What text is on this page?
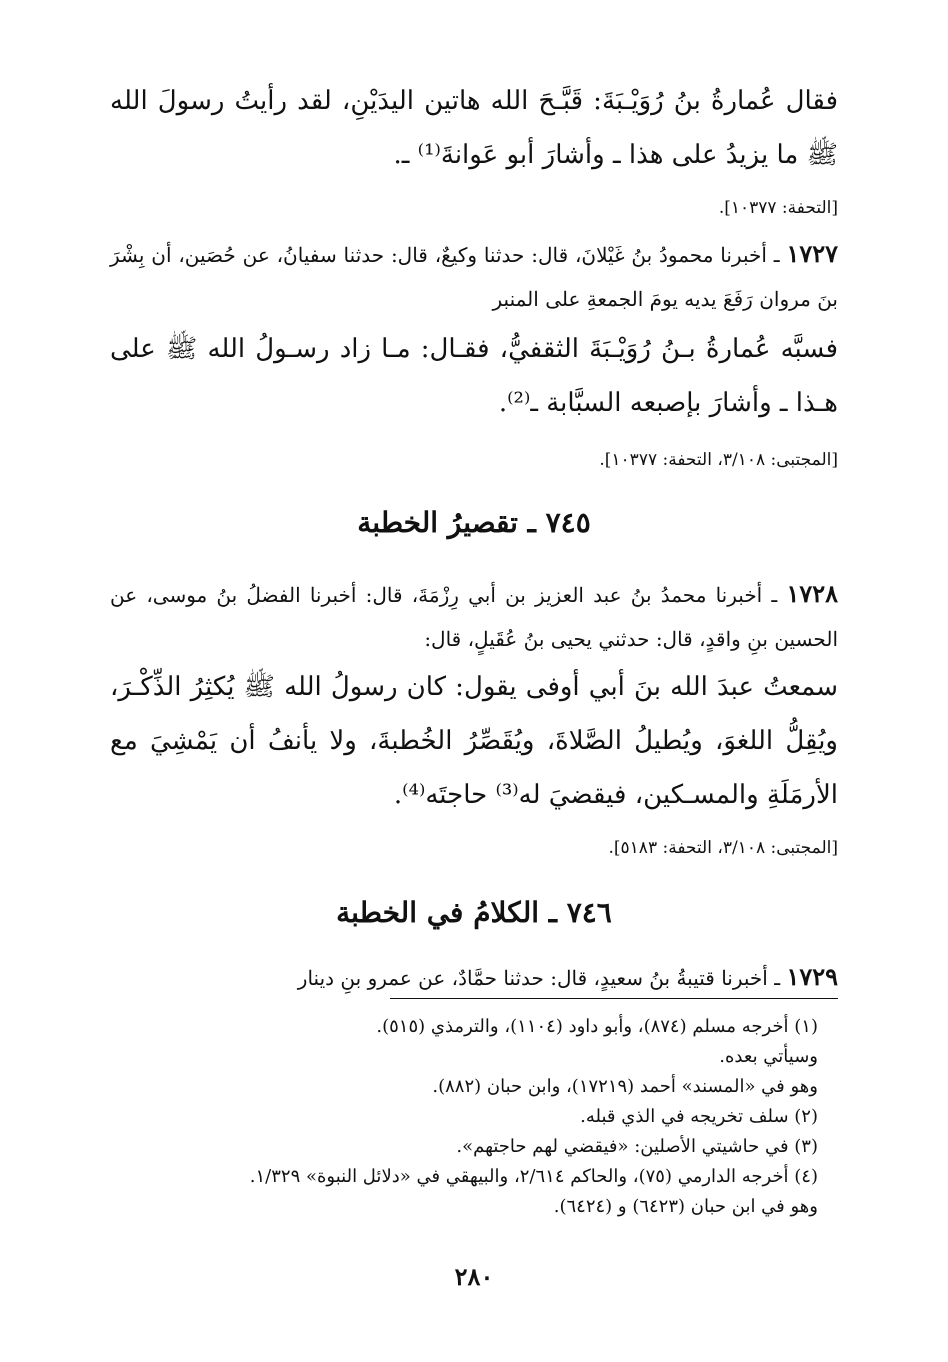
فقال عُمارةُ بنُ رُوَيْـبَةَ: قَبَّـحَ الله هاتين اليدَيْنِ، لقد رأيتُ رسولَ الله ﷺ ما يزيدُ على هذا ـ وأشارَ أبو عَوانةَ⁽¹⁾ ـ.
[التحفة: ١٠٣٧٧].
١٧٢٧ ـ أخبرنا محمودُ بنُ غَيْلانَ، قال: حدثنا وكيعٌ، قال: حدثنا سفيانُ، عن حُصَين، أن بِشْرَ بنَ مروان رَفَعَ يديه يومَ الجمعةِ على المنبر
فسبَّه عُمارةُ بـنُ رُوَيْـبَةَ الثقفيُّ، فقـال: مـا زاد رسـولُ الله ﷺ على هـذا ـ وأشارَ بإصبعه السبَّابة ـ⁽²⁾.
[المجتبى: ٣/١٠٨، التحفة: ١٠٣٧٧].
٧٤٥ ـ تقصيرُ الخطبة
١٧٢٨ ـ أخبرنا محمدُ بنُ عبد العزيز بن أبي رِزْمَةَ، قال: أخبرنا الفضلُ بنُ موسى، عن الحسين بنِ واقدٍ، قال: حدثني يحيى بنُ عُقَيلٍ، قال:
سمعتُ عبدَ الله بنَ أبي أوفى يقول: كان رسولُ الله ﷺ يُكثِرُ الذِّكْـرَ، ويُقِلُّ اللغوَ، ويُطيلُ الصَّلاةَ، ويُقَصِّرُ الخُطبةَ، ولا يأنفُ أن يَمْشِيَ مع الأرمَلَةِ والمسـكين، فيقضيَ له⁽³⁾ حاجتَه⁽⁴⁾.
[المجتبى: ٣/١٠٨، التحفة: ٥١٨٣].
٧٤٦ ـ الكلامُ في الخطبة
١٧٢٩ ـ أخبرنا قتيبةُ بنُ سعيدٍ، قال: حدثنا حمَّادٌ، عن عمرو بنِ دينار

(١) أخرجه مسلم (٨٧٤)، وأبو داود (١١٠٤)، والترمذي (٥١٥).

وسيأتي بعده.

وهو في «المسند» أحمد (١٧٢١٩)، وابن حبان (٨٨٢).

(٢) سلف تخريجه في الذي قبله.

(٣) في حاشيتي الأصلين: «فيقضي لهم حاجتهم».

(٤) أخرجه الدارمي (٧٥)، والحاكم ٢/٦١٤، والبيهقي في «دلائل النبوة» ١/٣٢٩.

وهو في ابن حبان (٦٤٢٣) و (٦٤٢٤).

٢٨٠
